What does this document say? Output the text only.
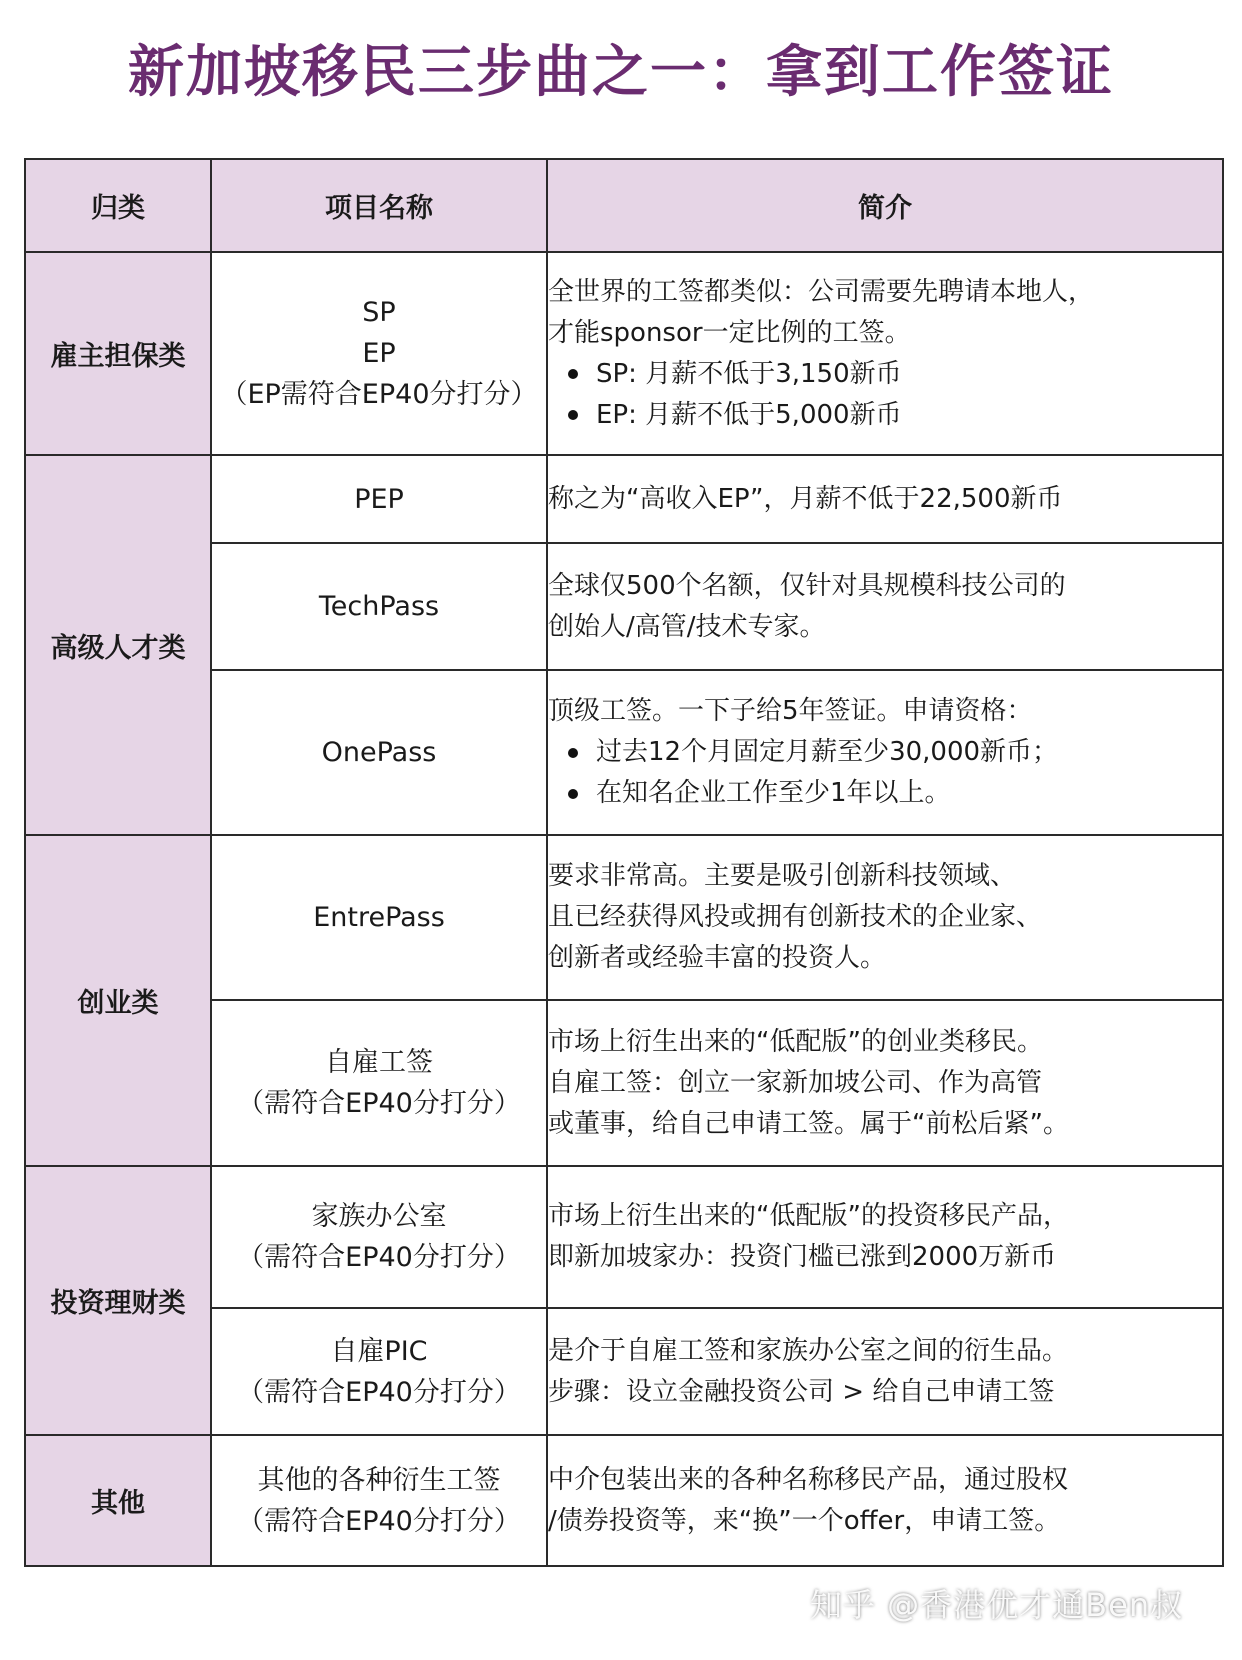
新加坡移民三步曲之一：拿到工作签证
归类	项目名称	简介
雇主担保类	SP
EP
（EP需符合EP40分打分）	全世界的工签都类似：公司需要先聘请本地人，
才能sponsor一定比例的工签。
SP: 月薪不低于3,150新币
EP: 月薪不低于5,000新币

高级人才类	PEP	称之为“高收入EP”，月薪不低于22,500新币

	TechPass	全球仅500个名额，仅针对具规模科技公司的
创始人/高管/技术专家。

	OnePass	顶级工签。一下子给5年签证。申请资格：
过去12个月固定月薪至少30,000新币；
在知名企业工作至少1年以上。

创业类	EntrePass	要求非常高。主要是吸引创新科技领域、
且已经获得风投或拥有创新技术的企业家、
创新者或经验丰富的投资人。

	自雇工签
（需符合EP40分打分）	市场上衍生出来的“低配版”的创业类移民。
自雇工签：创立一家新加坡公司、作为高管
或董事，给自己申请工签。属于“前松后紧”。

投资理财类	家族办公室
（需符合EP40分打分）	市场上衍生出来的“低配版”的投资移民产品，
即新加坡家办：投资门槛已涨到2000万新币

	自雇PIC
（需符合EP40分打分）	是介于自雇工签和家族办公室之间的衍生品。
步骤：设立金融投资公司 > 给自己申请工签

其他	其他的各种衍生工签
（需符合EP40分打分）	中介包装出来的各种名称移民产品，通过股权
/债券投资等，来“换”一个offer，申请工签。
知乎 @香港优才通Ben叔
